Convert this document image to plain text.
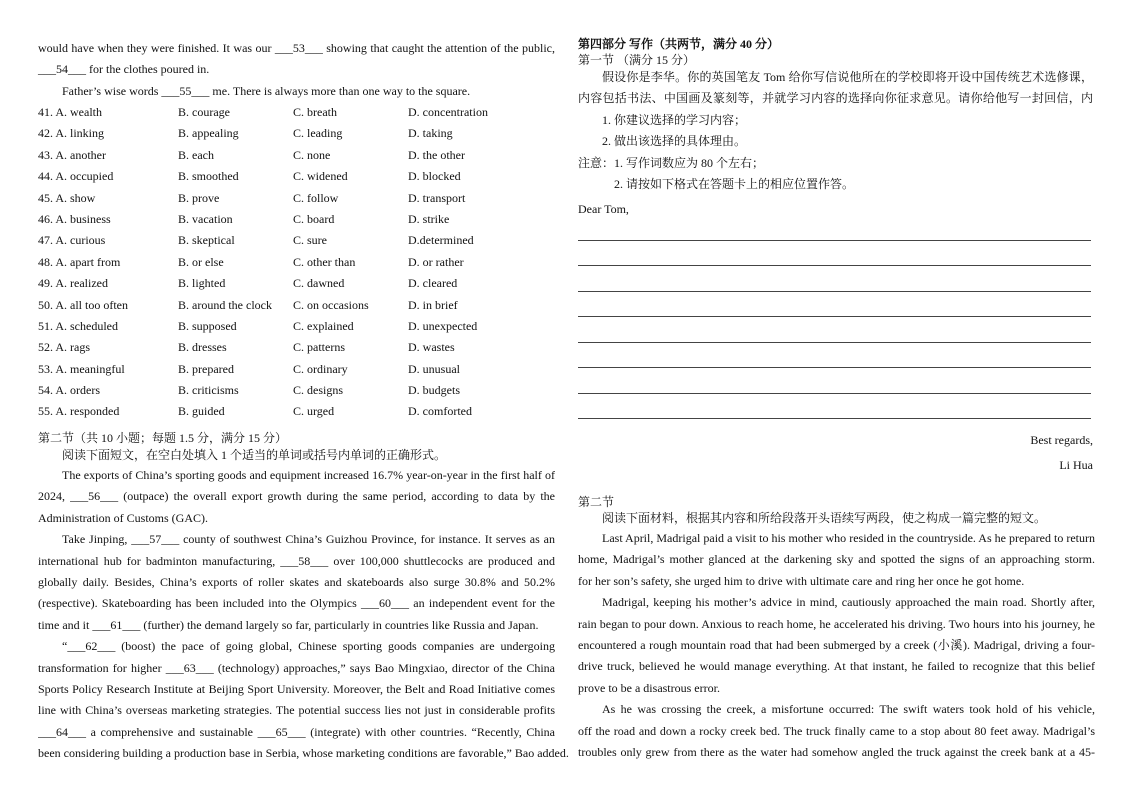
would have when they were finished. It was our ___53___ showing that caught the attention of the public,
___54___ for the clothes poured in.
Father’s wise words ___55___ me. There is always more than one way to the square.
41. A. wealth	B. courage	C. breath	D. concentration
42. A. linking	B. appealing	C. leading	D. taking
43. A. another	B. each	C. none	D. the other
44. A. occupied	B. smoothed	C. widened	D. blocked
45. A. show	B. prove	C. follow	D. transport
46. A. business	B. vacation	C. board	D. strike
47. A. curious	B. skeptical	C. sure	D.determined
48. A. apart from	B. or else	C. other than	D. or rather
49. A. realized	B. lighted	C. dawned	D. cleared
50. A. all too often	B. around the clock	C. on occasions	D. in brief
51. A. scheduled	B. supposed	C. explained	D. unexpected
52. A. rags	B. dresses	C. patterns	D. wastes
53. A. meaningful	B. prepared	C. ordinary	D. unusual
54. A. orders	B. criticisms	C. designs	D. budgets
55. A. responded	B. guided	C. urged	D. comforted
第二节（共 10 小题；每题 1.5 分，满分 15 分）
阅读下面短文，在空白处填入 1 个适当的单词或括号内单词的正确形式。
The exports of China’s sporting goods and equipment increased 16.7% year-on-year in the first half of
2024, ___56___ (outpace) the overall export growth during the same period, according to data by the
Administration of Customs (GAC).
Take Jinping, ___57___ county of southwest China’s Guizhou Province, for instance. It serves as an
international hub for badminton manufacturing, ___58___ over 100,000 shuttlecocks are produced and
globally daily. Besides, China’s exports of roller skates and skateboards also surge 30.8% and 50.2%
(respective). Skateboarding has been included into the Olympics ___60___ an independent event for the
time and it ___61___ (further) the demand largely so far, particularly in countries like Russia and Japan.
“___62___ (boost) the pace of going global, Chinese sporting goods companies are undergoing
transformation for higher ___63___ (technology) approaches,” says Bao Mingxiao, director of the China
Sports Policy Research Institute at Beijing Sport University. Moreover, the Belt and Road Initiative comes
line with China’s overseas marketing strategies. The potential success lies not just in considerable profits
___64___ a comprehensive and sustainable ___65___ (integrate) with other countries. “Recently, China
been considering building a production base in Serbia, whose marketing conditions are favorable,” Bao added.
第四部分 写作（共两节，满分 40 分）
第一节 （满分 15 分）
假设你是李华。你的英国笔友 Tom 给你写信说他所在的学校即将开设中国传统艺术选修课，
内容包括书法、中国画及篆刻等，并就学习内容的选择向你征求意见。请你给他写一封回信，内
1. 你建议选择的学习内容；
2. 做出该选择的具体理由。
注意：1. 写作词数应为 80 个左右；
　　　2. 请按如下格式在答题卡上的相应位置作答。
Dear Tom,
Best regards,
Li Hua
第二节
阅读下面材料，根据其内容和所给段落开头语续写两段，使之构成一篇完整的短文。
Last April, Madrigal paid a visit to his mother who resided in the countryside. As he prepared to return
home, Madrigal’s mother glanced at the darkening sky and spotted the signs of an approaching storm.
for her son’s safety, she urged him to drive with ultimate care and ring her once he got home.
Madrigal, keeping his mother’s advice in mind, cautiously approached the main road. Shortly after,
rain began to pour down. Anxious to reach home, he accelerated his driving. Two hours into his journey, he
encountered a rough mountain road that had been submerged by a creek (小溪). Madrigal, driving a four-
drive truck, believed he would manage everything. At that instant, he failed to recognize that this belief
prove to be a disastrous error.
As he was crossing the creek, a misfortune occurred: The swift waters took hold of his vehicle,
off the road and down a rocky creek bed. The truck finally came to a stop about 80 feet away. Madrigal’s
troubles only grew from there as the water had somehow angled the truck against the creek bank at a 45-
